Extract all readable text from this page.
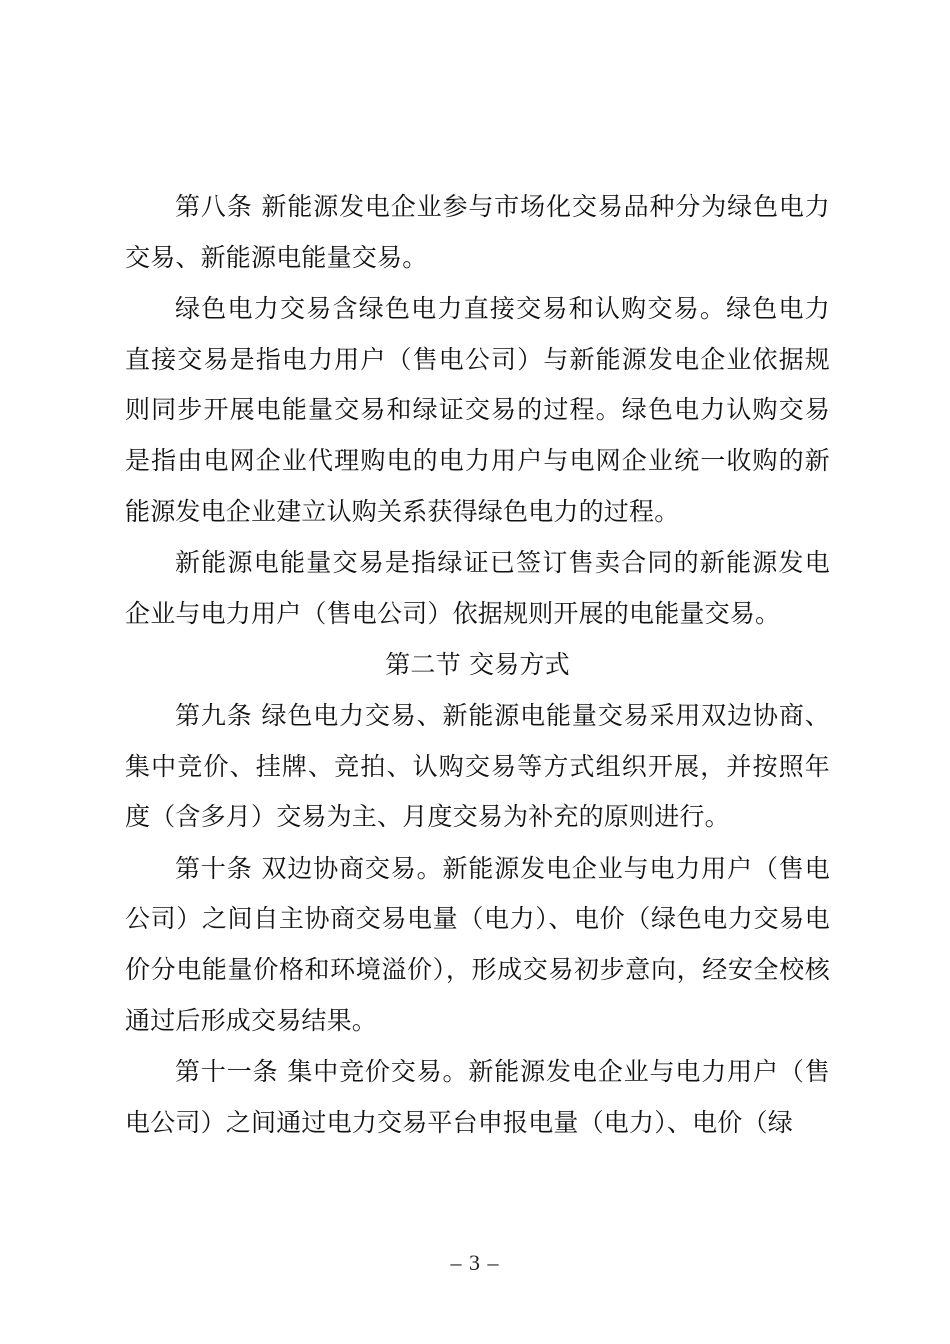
第八条 新能源发电企业参与市场化交易品种分为绿色电力交易、新能源电能量交易。

绿色电力交易含绿色电力直接交易和认购交易。绿色电力直接交易是指电力用户（售电公司）与新能源发电企业依据规则同步开展电能量交易和绿证交易的过程。绿色电力认购交易是指由电网企业代理购电的电力用户与电网企业统一收购的新能源发电企业建立认购关系获得绿色电力的过程。

新能源电能量交易是指绿证已签订售卖合同的新能源发电企业与电力用户（售电公司）依据规则开展的电能量交易。

第二节 交易方式

第九条 绿色电力交易、新能源电能量交易采用双边协商、集中竞价、挂牌、竞拍、认购交易等方式组织开展，并按照年度（含多月）交易为主、月度交易为补充的原则进行。

第十条 双边协商交易。新能源发电企业与电力用户（售电公司）之间自主协商交易电量（电力）、电价（绿色电力交易电价分电能量价格和环境溢价），形成交易初步意向，经安全校核通过后形成交易结果。

第十一条 集中竞价交易。新能源发电企业与电力用户（售电公司）之间通过电力交易平台申报电量（电力）、电价（绿

– 3 –
